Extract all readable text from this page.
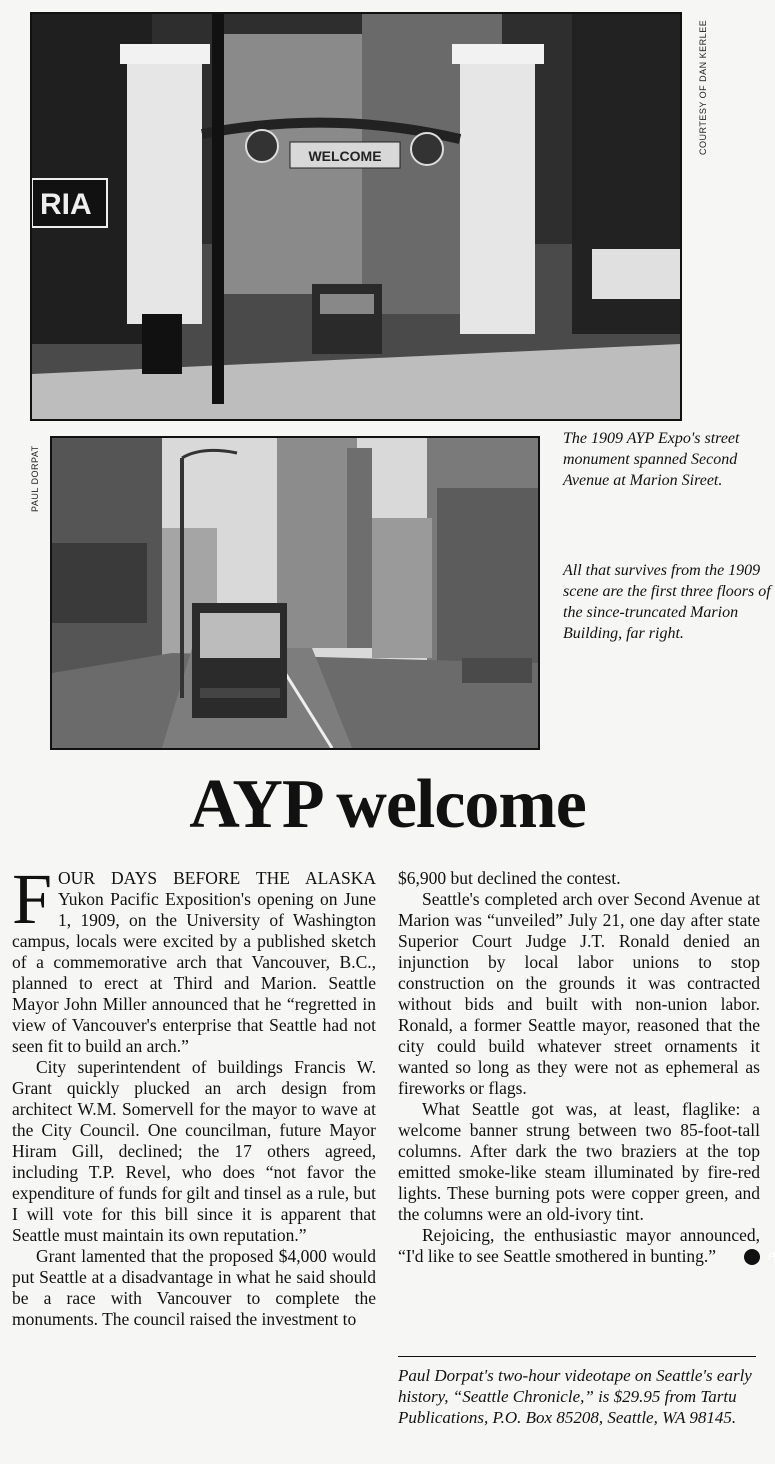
WELCOME
RIA
COURTESY OF DAN KERLEE
PAUL DORPAT
The 1909 AYP Expo's street monument spanned Second Avenue at Marion Sireet.
All that survives from the 1909 scene are the first three floors of the since-truncated Marion Building, far right.
AYP welcome

FOUR DAYS BEFORE THE ALASKA Yukon Pacific Exposition's opening on June 1, 1909, on the University of Washington campus, locals were excited by a published sketch of a commemorative arch that Vancouver, B.C., planned to erect at Third and Marion. Seattle Mayor John Miller announced that he “regretted in view of Vancouver's enterprise that Seattle had not seen fit to build an arch.”

City superintendent of buildings Francis W. Grant quickly plucked an arch design from architect W.M. Somervell for the mayor to wave at the City Council. One councilman, future Mayor Hiram Gill, declined; the 17 others agreed, including T.P. Revel, who does “not favor the expenditure of funds for gilt and tinsel as a rule, but I will vote for this bill since it is apparent that Seattle must maintain its own reputation.”

Grant lamented that the proposed $4,000 would put Seattle at a disadvantage in what he said should be a race with Vancouver to complete the monuments. The council raised the investment to

$6,900 but declined the contest.

Seattle's completed arch over Second Avenue at Marion was “unveiled” July 21, one day after state Superior Court Judge J.T. Ronald denied an injunction by local labor unions to stop construction on the grounds it was contracted without bids and built with non-union labor. Ronald, a former Seattle mayor, reasoned that the city could build whatever street ornaments it wanted so long as they were not as ephemeral as fireworks or flags.

What Seattle got was, at least, flaglike: a welcome banner strung between two 85-foot-tall columns. After dark the two braziers at the top emitted smoke-like steam illuminated by fire-red lights. These burning pots were copper green, and the columns were an old-ivory tint.

Rejoicing, the enthusiastic mayor announced, “I'd like to see Seattle smothered in bunting.”	P

Paul Dorpat's two-hour videotape on Seattle's early history, “Seattle Chronicle,” is $29.95 from Tartu Publications, P.O. Box 85208, Seattle, WA 98145.
